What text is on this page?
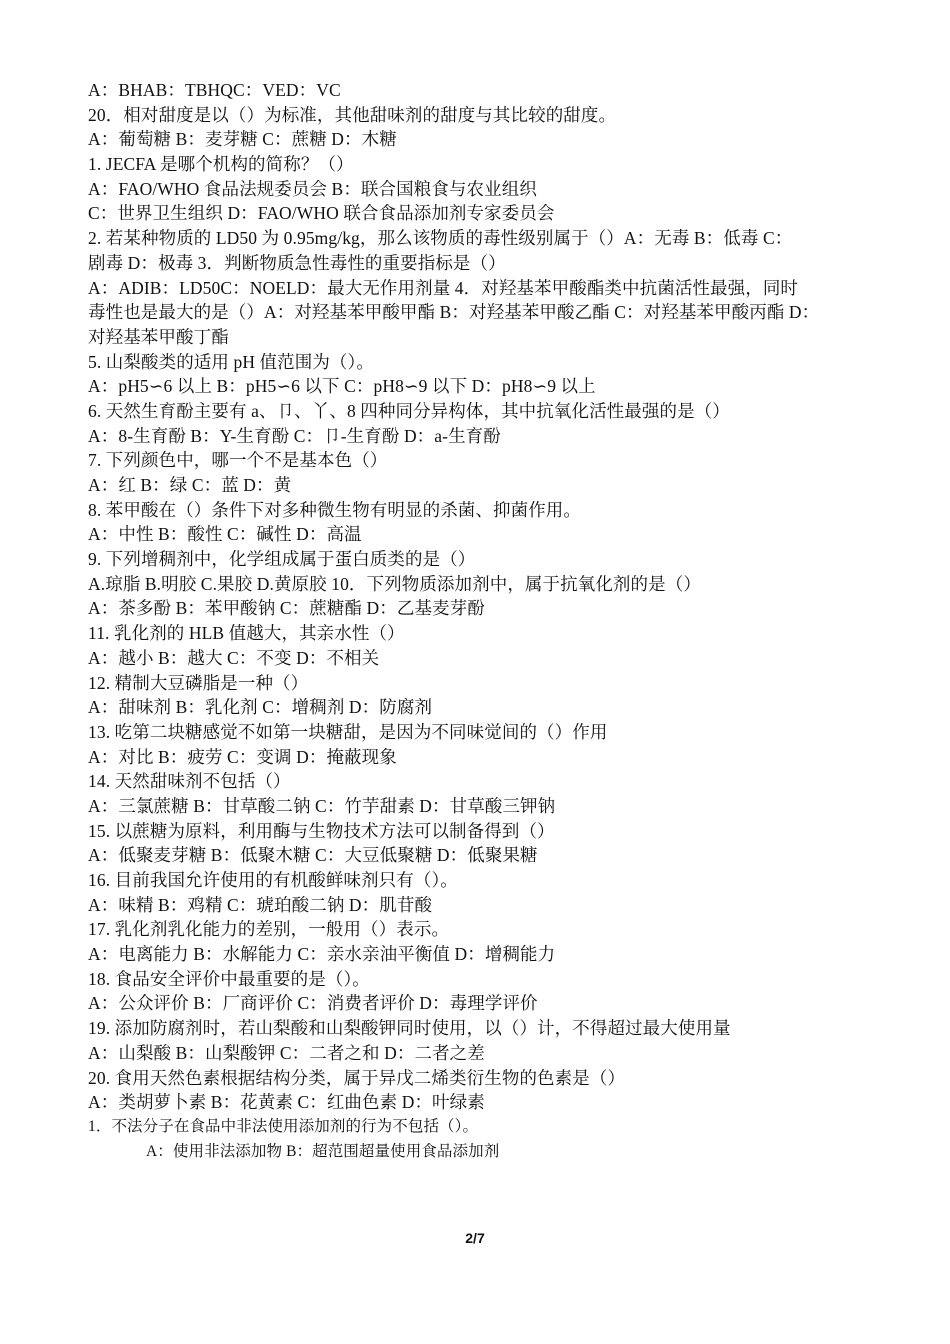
A：BHAB：TBHQC：VED：VC
20．相对甜度是以（）为标准，其他甜味剂的甜度与其比较的甜度。
A：葡萄糖 B：麦芽糖 C：蔗糖 D：木糖
1. JECFA 是哪个机构的简称？（）
A：FAO/WHO 食品法规委员会 B：联合国粮食与农业组织
C：世界卫生组织 D：FAO/WHO 联合食品添加剂专家委员会
2. 若某种物质的 LD50 为 0.95mg/kg，那么该物质的毒性级别属于（）A：无毒 B：低毒 C：
剧毒 D：极毒 3．判断物质急性毒性的重要指标是（）
A：ADIB：LD50C：NOELD：最大无作用剂量 4．对羟基苯甲酸酯类中抗菌活性最强，同时
毒性也是最大的是（）A：对羟基苯甲酸甲酯 B：对羟基苯甲酸乙酯 C：对羟基苯甲酸丙酯 D：
对羟基苯甲酸丁酯
5. 山梨酸类的适用 pH 值范围为（）。
A：pH5∽6 以上 B：pH5∽6 以下 C：pH8∽9 以下 D：pH8∽9 以上
6. 天然生育酚主要有 a、卩、丫、8 四种同分异构体，其中抗氧化活性最强的是（）
A：8-生育酚 B：Y-生育酚 C：卩-生育酚 D：a-生育酚
7. 下列颜色中，哪一个不是基本色（）
A：红 B：绿 C：蓝 D：黄
8. 苯甲酸在（）条件下对多种微生物有明显的杀菌、抑菌作用。
A：中性 B：酸性 C：碱性 D：高温
9. 下列增稠剂中，化学组成属于蛋白质类的是（）
A.琼脂 B.明胶 C.果胶 D.黄原胶 10．下列物质添加剂中，属于抗氧化剂的是（）
A：茶多酚 B：苯甲酸钠 C：蔗糖酯 D：乙基麦芽酚
11. 乳化剂的 HLB 值越大，其亲水性（）
A：越小 B：越大 C：不变 D：不相关
12. 精制大豆磷脂是一种（）
A：甜味剂 B：乳化剂 C：增稠剂 D：防腐剂
13. 吃第二块糖感觉不如第一块糖甜，是因为不同味觉间的（）作用
A：对比 B：疲劳 C：变调 D：掩蔽现象
14. 天然甜味剂不包括（）
A：三氯蔗糖 B：甘草酸二钠 C：竹芋甜素 D：甘草酸三钾钠
15. 以蔗糖为原料，利用酶与生物技术方法可以制备得到（）
A：低聚麦芽糖 B：低聚木糖 C：大豆低聚糖 D：低聚果糖
16. 目前我国允许使用的有机酸鲜味剂只有（）。
A：味精 B：鸡精 C：琥珀酸二钠 D：肌苷酸
17. 乳化剂乳化能力的差别，一般用（）表示。
A：电离能力 B：水解能力 C：亲水亲油平衡值 D：增稠能力
18. 食品安全评价中最重要的是（）。
A：公众评价 B：厂商评价 C：消费者评价 D：毒理学评价
19. 添加防腐剂时，若山梨酸和山梨酸钾同时使用，以（）计，不得超过最大使用量
A：山梨酸 B：山梨酸钾 C：二者之和 D：二者之差
20. 食用天然色素根据结构分类，属于异戊二烯类衍生物的色素是（）
A：类胡萝卜素 B：花黄素 C：红曲色素 D：叶绿素
1．不法分子在食品中非法使用添加剂的行为不包括（）。
A：使用非法添加物 B：超范围超量使用食品添加剂
2/7
